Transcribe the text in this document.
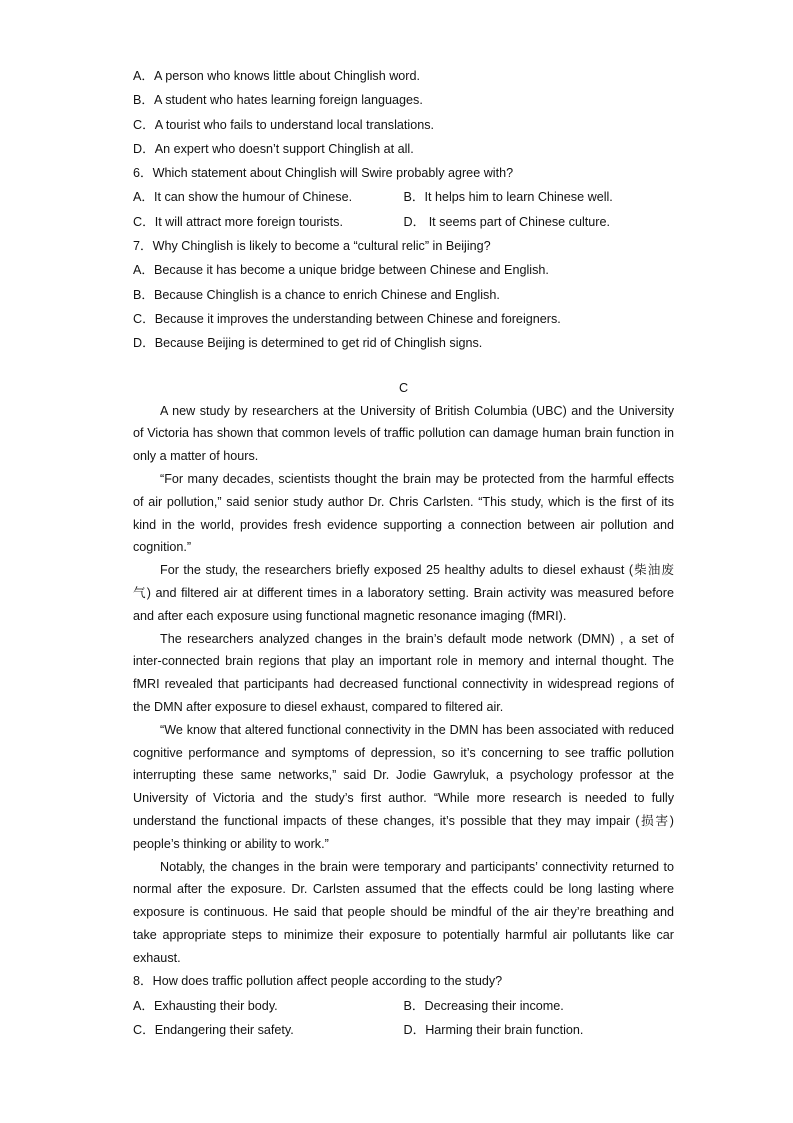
A．A person who knows little about Chinglish word.
B．A student who hates learning foreign languages.
C．A tourist who fails to understand local translations.
D．An expert who doesn’t support Chinglish at all.
6．Which statement about Chinglish will Swire probably agree with?
A．It can show the humour of Chinese.	B．It helps him to learn Chinese well.
C．It will attract more foreign tourists.	D． It seems part of Chinese culture.
7．Why Chinglish is likely to become a “cultural relic” in Beijing?
A．Because it has become a unique bridge between Chinese and English.
B．Because Chinglish is a chance to enrich Chinese and English.
C．Because it improves the understanding between Chinese and foreigners.
D．Because Beijing is determined to get rid of Chinglish signs.
C

A new study by researchers at the University of British Columbia (UBC) and the University of Victoria has shown that common levels of traffic pollution can damage human brain function in only a matter of hours.

“For many decades, scientists thought the brain may be protected from the harmful effects of air pollution,” said senior study author Dr. Chris Carlsten. “This study, which is the first of its kind in the world, provides fresh evidence supporting a connection between air pollution and cognition.”

For the study, the researchers briefly exposed 25 healthy adults to diesel exhaust (柴油废气) and filtered air at different times in a laboratory setting. Brain activity was measured before and after each exposure using functional magnetic resonance imaging (fMRI).

The researchers analyzed changes in the brain’s default mode network (DMN) , a set of inter-connected brain regions that play an important role in memory and internal thought. The fMRI revealed that participants had decreased functional connectivity in widespread regions of the DMN after exposure to diesel exhaust, compared to filtered air.

“We know that altered functional connectivity in the DMN has been associated with reduced cognitive performance and symptoms of depression, so it’s concerning to see traffic pollution interrupting these same networks,” said Dr. Jodie Gawryluk, a psychology professor at the University of Victoria and the study’s first author. “While more research is needed to fully understand the functional impacts of these changes, it’s possible that they may impair (损害) people’s thinking or ability to work.”

Notably, the changes in the brain were temporary and participants’ connectivity returned to normal after the exposure. Dr. Carlsten assumed that the effects could be long lasting where exposure is continuous. He said that people should be mindful of the air they’re breathing and take appropriate steps to minimize their exposure to potentially harmful air pollutants like car exhaust.

8．How does traffic pollution affect people according to the study?
A．Exhausting their body.	B．Decreasing their income.
C．Endangering their safety.	D．Harming their brain function.
